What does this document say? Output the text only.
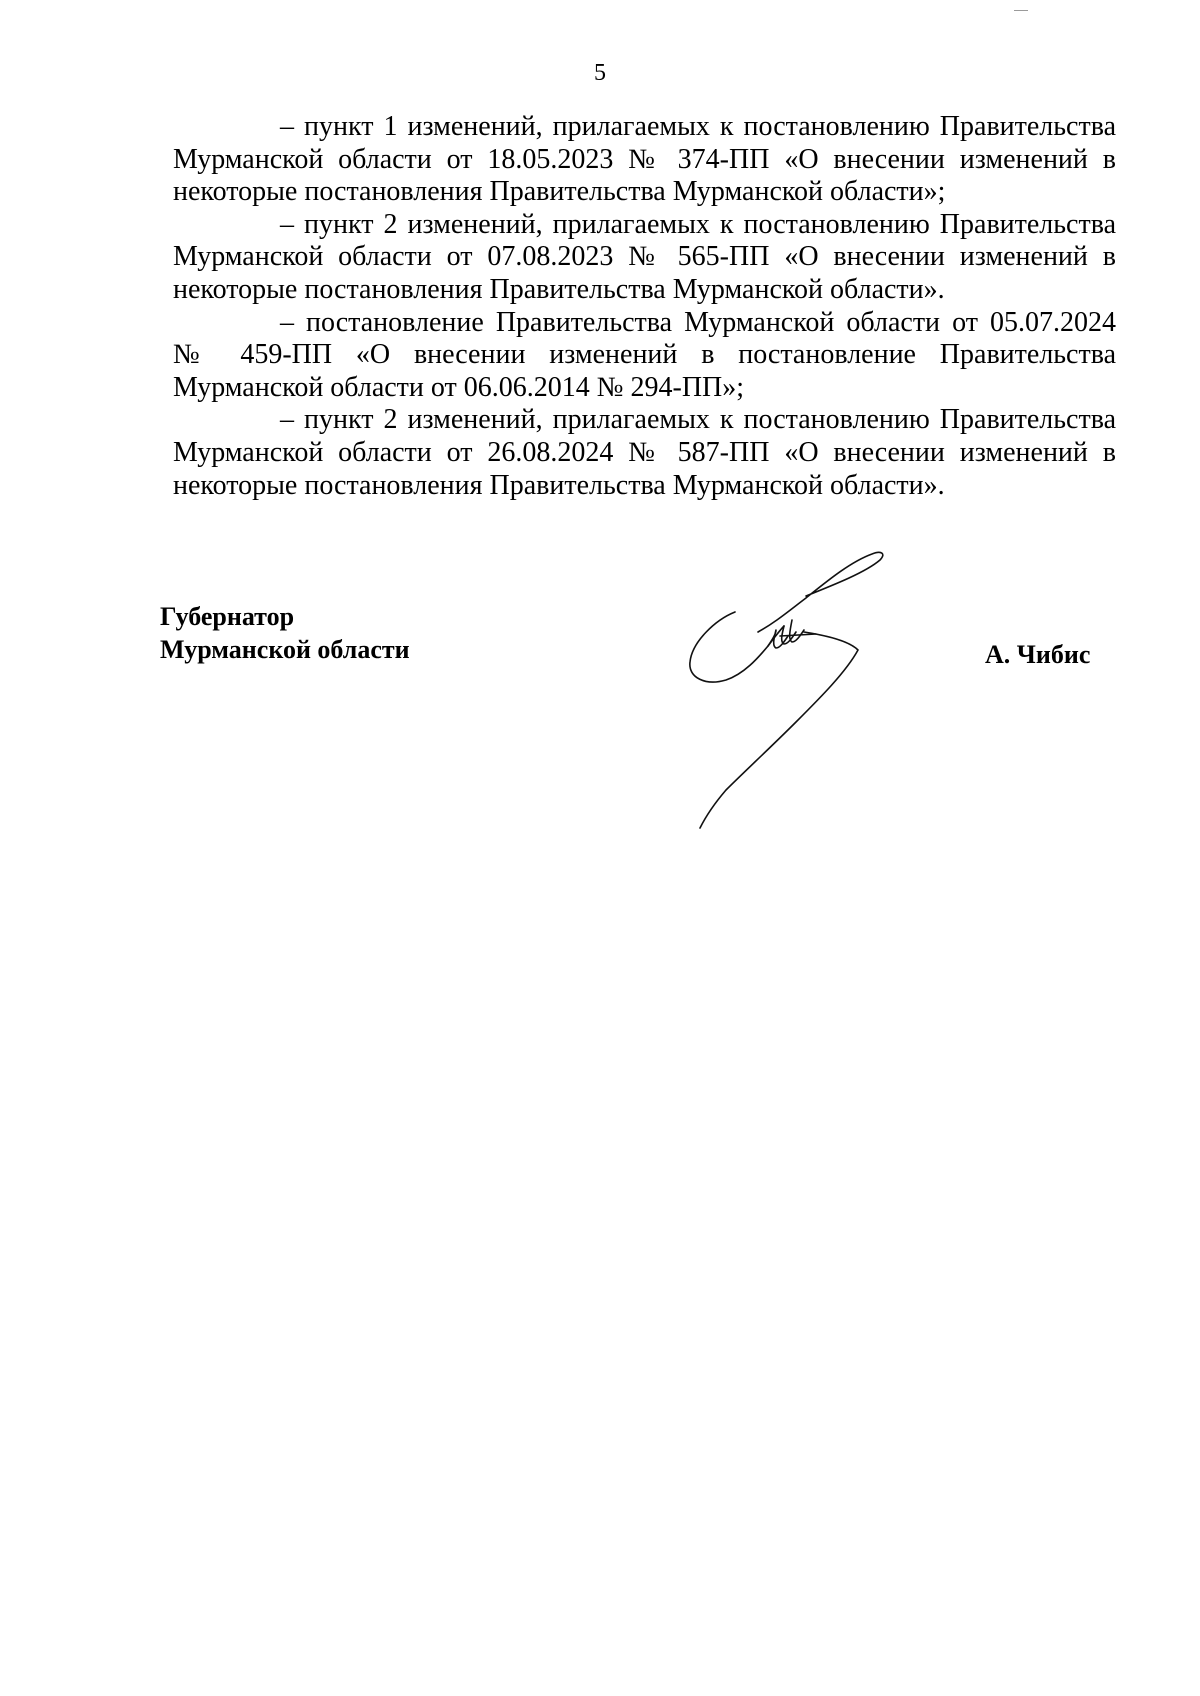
5

– пункт 1 изменений, прилагаемых к постановлению Правительства Мурманской области от 18.05.2023 № 374-ПП «О внесении изменений в некоторые постановления Правительства Мурманской области»;

– пункт 2 изменений, прилагаемых к постановлению Правительства Мурманской области от 07.08.2023 № 565-ПП «О внесении изменений в некоторые постановления Правительства Мурманской области».

– постановление Правительства Мурманской области от 05.07.2024 № 459-ПП «О внесении изменений в постановление Правительства Мурманской области от 06.06.2014 № 294-ПП»;

– пункт 2 изменений, прилагаемых к постановлению Правительства Мурманской области от 26.08.2024 № 587-ПП «О внесении изменений в некоторые постановления Правительства Мурманской области».

Губернатор
Мурманской области	А. Чибис
